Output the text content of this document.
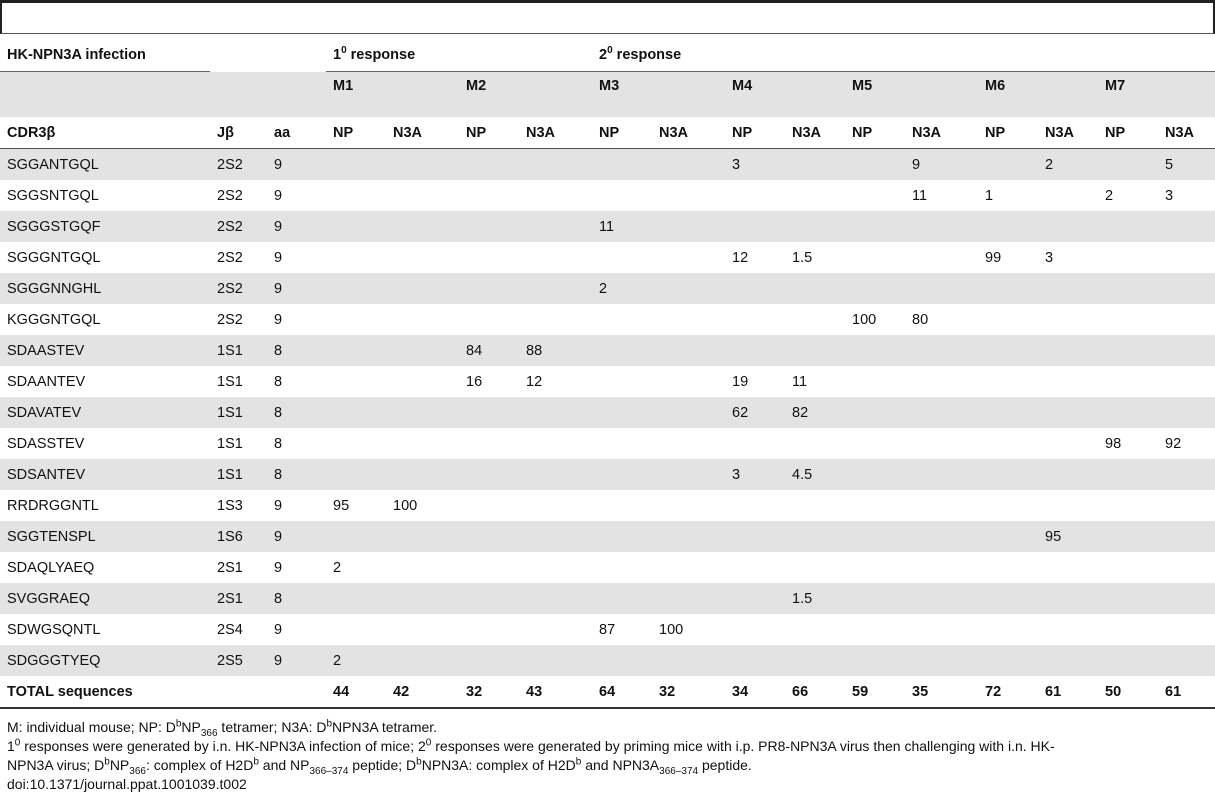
HK-NPN3A infection			$1^0$ response				$2^0$ response									
			M1		M2		M3		M4		M5		M6		M7	
CDR3β	Jβ	aa	NP	N3A	NP	N3A	NP	N3A	NP	N3A	NP	N3A	NP	N3A	NP	N3A
SGGANTGQL	2S2	9							3			9		2		5
SGGSNTGQL	2S2	9										11	1		2	3
SGGGSTGQF	2S2	9					11									
SGGGNTGQL	2S2	9							12	1.5			99	3		
SGGGNNGHL	2S2	9					2									
KGGGNTGQL	2S2	9									100	80				
SDAASTEV	1S1	8			84	88										
SDAANTEV	1S1	8			16	12			19	11						
SDAVATEV	1S1	8							62	82						
SDASSTEV	1S1	8													98	92
SDSANTEV	1S1	8							3	4.5						
RRDRGGNTL	1S3	9	95	100												
SGGTENSPL	1S6	9												95		
SDAQLYAEQ	2S1	9	2													
SVGGRAEQ	2S1	8								1.5						
SDWGSQNTL	2S4	9					87	100								
SDGGGTYEQ	2S5	9	2													
TOTAL sequences			44	42	32	43	64	32	34	66	59	35	72	61	50	61
M: individual mouse; NP: $D^bNP_{366}$ tetramer; N3A: $D^bNPN3A$ tetramer.
$1^0$ responses were generated by i.n. HK-NPN3A infection of mice; $2^0$ responses were generated by priming mice with i.p. PR8-NPN3A virus then challenging with i.n. HK-
NPN3A virus; $D^bNP_{366}$: complex of $H2D^b$ and $NP_{366-374}$ peptide; $D^bNPN3A$: complex of $H2D^b$ and $NPN3A_{366-374}$ peptide.
doi:10.1371/journal.ppat.1001039.t002
